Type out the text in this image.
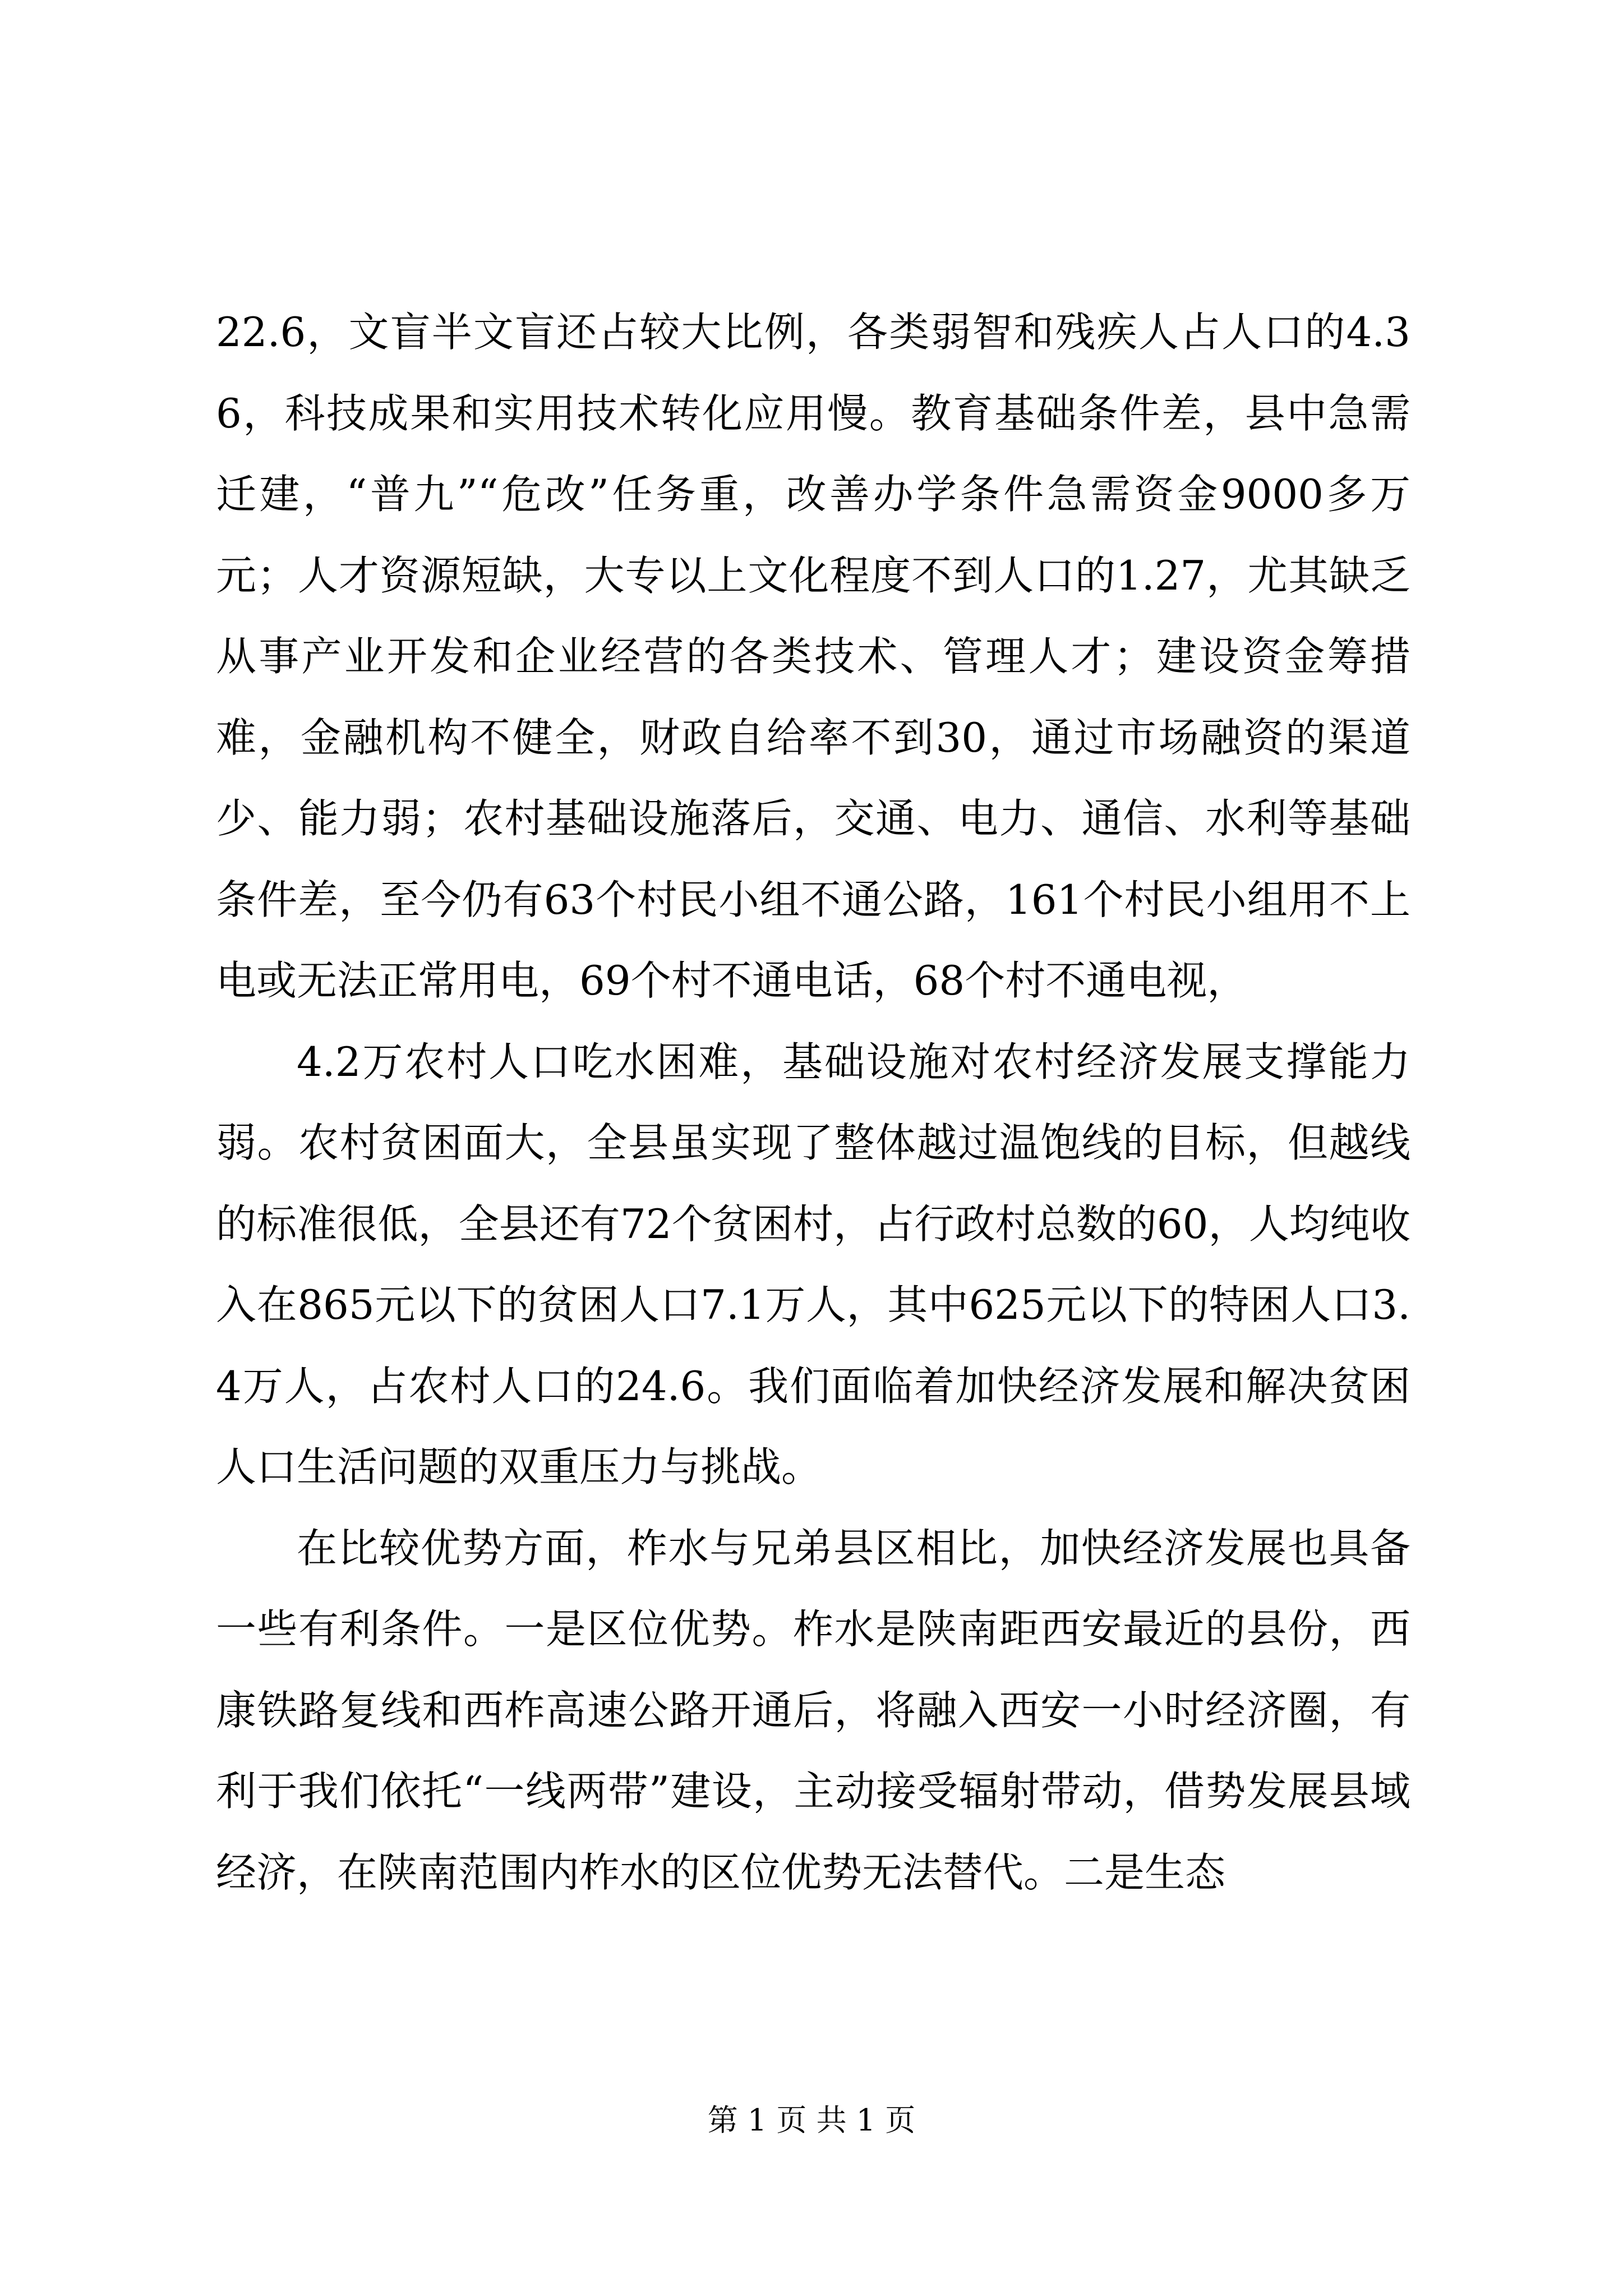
22.6，文盲半文盲还占较大比例，各类弱智和残疾人占人口的4.36，科技成果和实用技术转化应用慢。教育基础条件差，县中急需迁建，“普九”“危改”任务重，改善办学条件急需资金9000多万元；人才资源短缺，大专以上文化程度不到人口的1.27，尤其缺乏从事产业开发和企业经营的各类技术、管理人才；建设资金筹措难，金融机构不健全，财政自给率不到30，通过市场融资的渠道少、能力弱；农村基础设施落后，交通、电力、通信、水利等基础条件差，至今仍有63个村民小组不通公路，161个村民小组用不上电或无法正常用电，69个村不通电话，68个村不通电视，

4.2万农村人口吃水困难，基础设施对农村经济发展支撑能力弱。农村贫困面大，全县虽实现了整体越过温饱线的目标，但越线的标准很低，全县还有72个贫困村，占行政村总数的60，人均纯收入在865元以下的贫困人口7.1万人，其中625元以下的特困人口3.4万人，占农村人口的24.6。我们面临着加快经济发展和解决贫困人口生活问题的双重压力与挑战。

在比较优势方面，柞水与兄弟县区相比，加快经济发展也具备一些有利条件。一是区位优势。柞水是陕南距西安最近的县份，西康铁路复线和西柞高速公路开通后，将融入西安一小时经济圈，有利于我们依托“一线两带”建设，主动接受辐射带动，借势发展县域经济，在陕南范围内柞水的区位优势无法替代。二是生态

第 1 页 共 1 页
